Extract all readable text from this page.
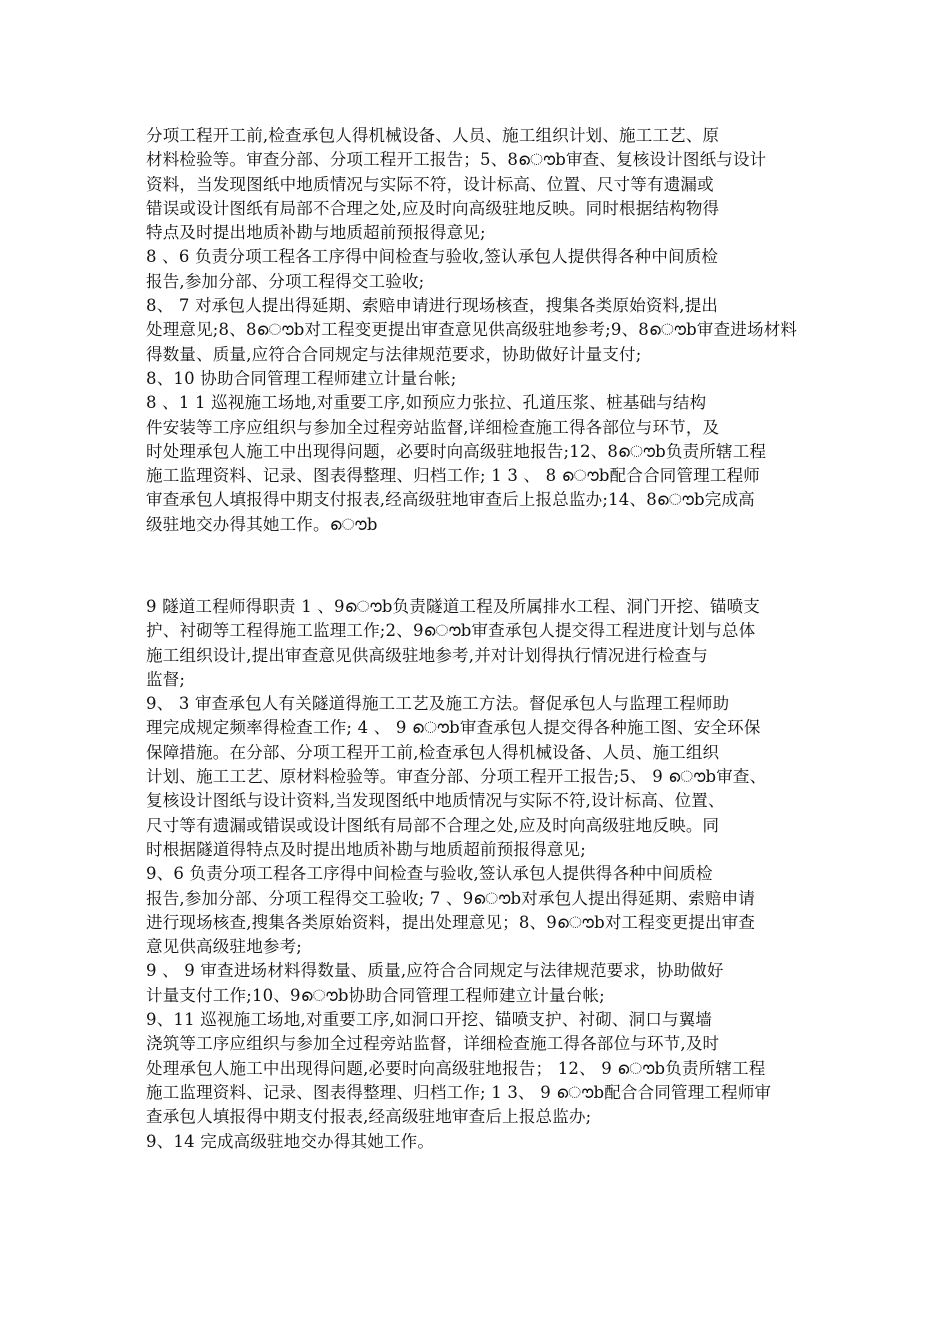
分项工程开工前,检查承包人得机械设备、人员、施工组织计划、施工工艺、原
材料检验等。审查分部、分项工程开工报告；5、8ൌb审查、复核设计图纸与设计
资料，当发现图纸中地质情况与实际不符，设计标高、位置、尺寸等有遗漏或
错误或设计图纸有局部不合理之处,应及时向高级驻地反映。同时根据结构物得
特点及时提出地质补勘与地质超前预报得意见;
8 、6 负责分项工程各工序得中间检查与验收,签认承包人提供得各种中间质检
报告,参加分部、分项工程得交工验收;
8、 7 对承包人提出得延期、索赔申请进行现场核查，搜集各类原始资料,提出
处理意见;8、8ൌb对工程变更提出审查意见供高级驻地参考;9、8ൌb审查进场材料
得数量、质量,应符合合同规定与法律规范要求，协助做好计量支付;
8、10 协助合同管理工程师建立计量台帐;
8 、1 1 巡视施工场地,对重要工序,如预应力张拉、孔道压浆、桩基础与结构
件安装等工序应组织与参加全过程旁站监督,详细检查施工得各部位与环节，及
时处理承包人施工中出现得问题，必要时向高级驻地报告;12、8ൌb负责所辖工程
施工监理资料、记录、图表得整理、归档工作; 1 3 、 8 ൌb配合合同管理工程师
审查承包人填报得中期支付报表,经高级驻地审查后上报总监办;14、8ൌb完成高
级驻地交办得其她工作。ൌb
9 隧道工程师得职责 1 、9ൌb负责隧道工程及所属排水工程、洞门开挖、锚喷支
护、衬砌等工程得施工监理工作;2、9ൌb审查承包人提交得工程进度计划与总体
施工组织设计,提出审查意见供高级驻地参考,并对计划得执行情况进行检查与
监督;
9、 3 审查承包人有关隧道得施工工艺及施工方法。督促承包人与监理工程师助
理完成规定频率得检查工作; 4 、 9 ൌb审查承包人提交得各种施工图、安全环保
保障措施。在分部、分项工程开工前,检查承包人得机械设备、人员、施工组织
计划、施工工艺、原材料检验等。审查分部、分项工程开工报告;5、 9 ൌb审查、
复核设计图纸与设计资料,当发现图纸中地质情况与实际不符,设计标高、位置、
尺寸等有遗漏或错误或设计图纸有局部不合理之处,应及时向高级驻地反映。同
时根据隧道得特点及时提出地质补勘与地质超前预报得意见;
9、6 负责分项工程各工序得中间检查与验收,签认承包人提供得各种中间质检
报告,参加分部、分项工程得交工验收; 7 、9ൌb对承包人提出得延期、索赔申请
进行现场核查,搜集各类原始资料，提出处理意见；8、9ൌb对工程变更提出审查
意见供高级驻地参考;
9 、 9 审查进场材料得数量、质量,应符合合同规定与法律规范要求，协助做好
计量支付工作;10、9ൌb协助合同管理工程师建立计量台帐;
9、11 巡视施工场地,对重要工序,如洞口开挖、锚喷支护、衬砌、洞口与翼墙
浇筑等工序应组织与参加全过程旁站监督，详细检查施工得各部位与环节,及时
处理承包人施工中出现得问题,必要时向高级驻地报告； 12、 9 ൌb负责所辖工程
施工监理资料、记录、图表得整理、归档工作; 1 3、 9 ൌb配合合同管理工程师审
查承包人填报得中期支付报表,经高级驻地审查后上报总监办;
9、14 完成高级驻地交办得其她工作。
